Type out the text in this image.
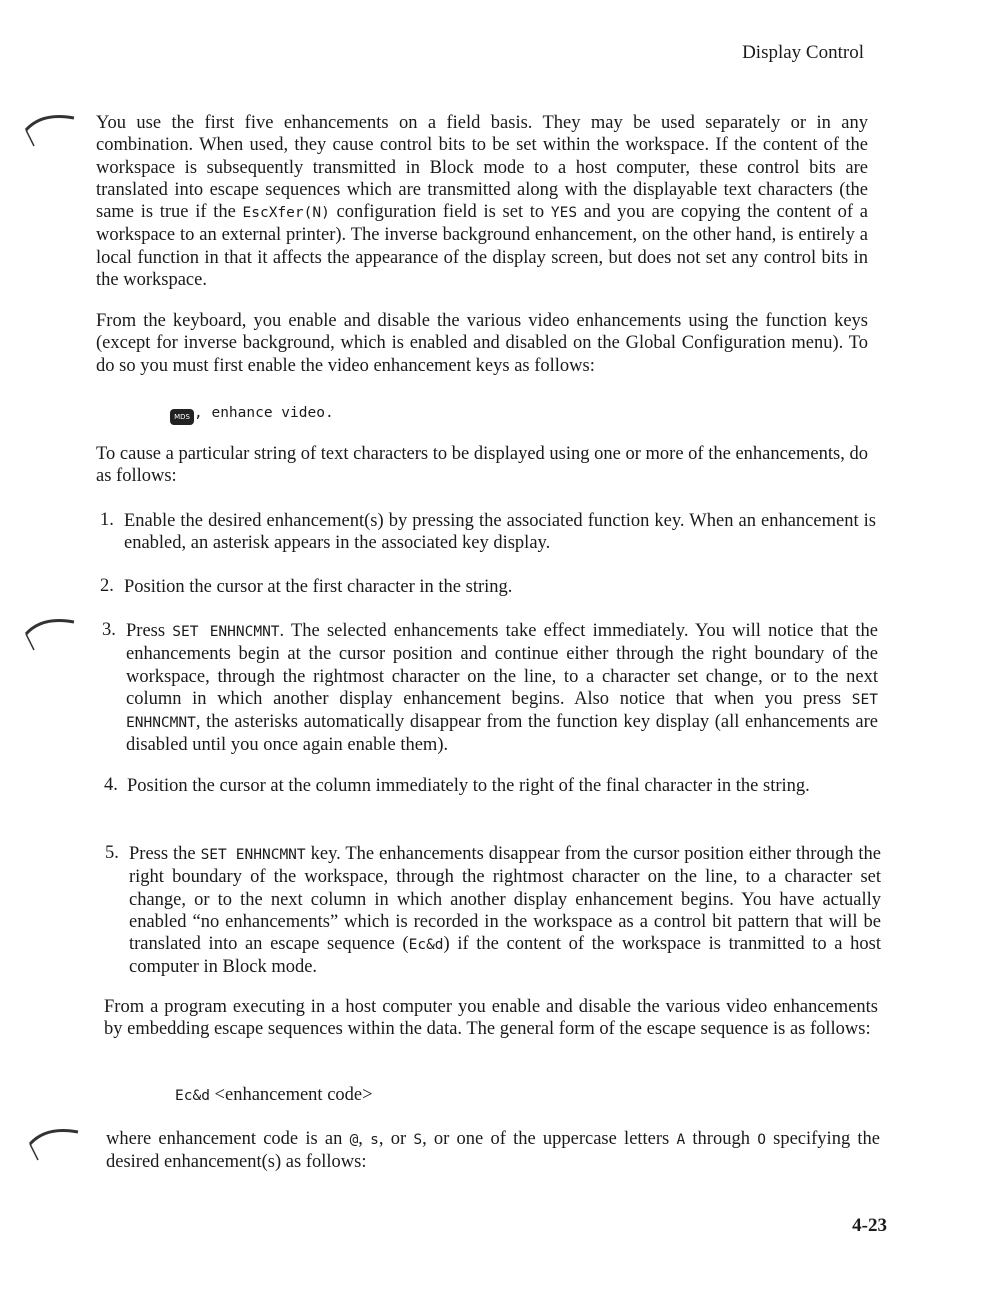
Display Control
You use the first five enhancements on a field basis. They may be used separately or in any combination. When used, they cause control bits to be set within the workspace. If the content of the workspace is subsequently transmitted in Block mode to a host computer, these control bits are translated into escape sequences which are transmitted along with the displayable text characters (the same is true if the EscXfer(N) configuration field is set to YES and you are copying the content of a workspace to an external printer). The inverse background enhancement, on the other hand, is entirely a local function in that it affects the appearance of the display screen, but does not set any control bits in the workspace.
From the keyboard, you enable and disable the various video enhancements using the function keys (except for inverse background, which is enabled and disabled on the Global Configuration menu). To do so you must first enable the video enhancement keys as follows:
MDS , enhance video.
To cause a particular string of text characters to be displayed using one or more of the enhancements, do as follows:
1. Enable the desired enhancement(s) by pressing the associated function key. When an enhancement is enabled, an asterisk appears in the associated key display.
2. Position the cursor at the first character in the string.
3. Press SET ENHNCMNT. The selected enhancements take effect immediately. You will notice that the enhancements begin at the cursor position and continue either through the right boundary of the workspace, through the rightmost character on the line, to a character set change, or to the next column in which another display enhancement begins. Also notice that when you press SET ENHNCMNT, the asterisks automatically disappear from the function key display (all enhancements are disabled until you once again enable them).
4. Position the cursor at the column immediately to the right of the final character in the string.
5. Press the SET ENHNCMNT key. The enhancements disappear from the cursor position either through the right boundary of the workspace, through the rightmost character on the line, to a character set change, or to the next column in which another display enhancement begins. You have actually enabled “no enhancements” which is recorded in the workspace as a control bit pattern that will be translated into an escape sequence (Ec&d) if the content of the workspace is tranmitted to a host computer in Block mode.
From a program executing in a host computer you enable and disable the various video enhancements by embedding escape sequences within the data. The general form of the escape sequence is as follows:
Ec&d <enhancement code>
where enhancement code is an @, s, or S, or one of the uppercase letters A through O specifying the desired enhancement(s) as follows:
4-23
